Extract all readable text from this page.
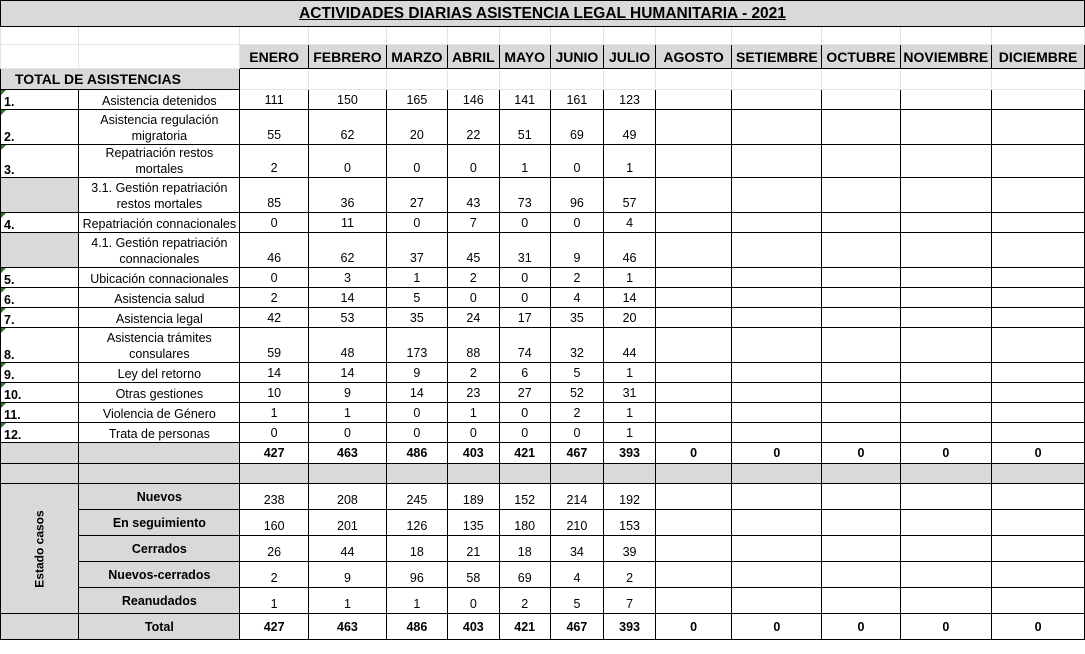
ACTIVIDADES DIARIAS ASISTENCIA LEGAL HUMANITARIA - 2021													

		ENERO	FEBRERO	MARZO	ABRIL	MAYO	JUNIO	JULIO	AGOSTO	SETIEMBRE	OCTUBRE	NOVIEMBRE	DICIEMBRE
TOTAL DE ASISTENCIAS													
1.	Asistencia detenidos	111	150	165	146	141	161	123					
2.	Asistencia regulación migratoria	55	62	20	22	51	69	49					
3.	Repatriación restos mortales	2	0	0	0	1	0	1					
	3.1. Gestión repatriación restos mortales	85	36	27	43	73	96	57					
4.	Repatriación connacionales	0	11	0	7	0	0	4					
	4.1. Gestión repatriación connacionales	46	62	37	45	31	9	46					
5.	Ubicación connacionales	0	3	1	2	0	2	1					
6.	Asistencia salud	2	14	5	0	0	4	14					
7.	Asistencia legal	42	53	35	24	17	35	20					
8.	Asistencia trámites consulares	59	48	173	88	74	32	44					
9.	Ley del retorno	14	14	9	2	6	5	1					
10.	Otras gestiones	10	9	14	23	27	52	31					
11.	Violencia de Género	1	1	0	1	0	2	1					
12.	Trata de personas	0	0	0	0	0	0	1					
		427	463	486	403	421	467	393	0	0	0	0	0

Estado casos	Nuevos	238	208	245	189	152	214	192					
	En seguimiento	160	201	126	135	180	210	153					
	Cerrados	26	44	18	21	18	34	39					
	Nuevos-cerrados	2	9	96	58	69	4	2					
	Reanudados	1	1	1	0	2	5	7					
	Total	427	463	486	403	421	467	393	0	0	0	0	0
